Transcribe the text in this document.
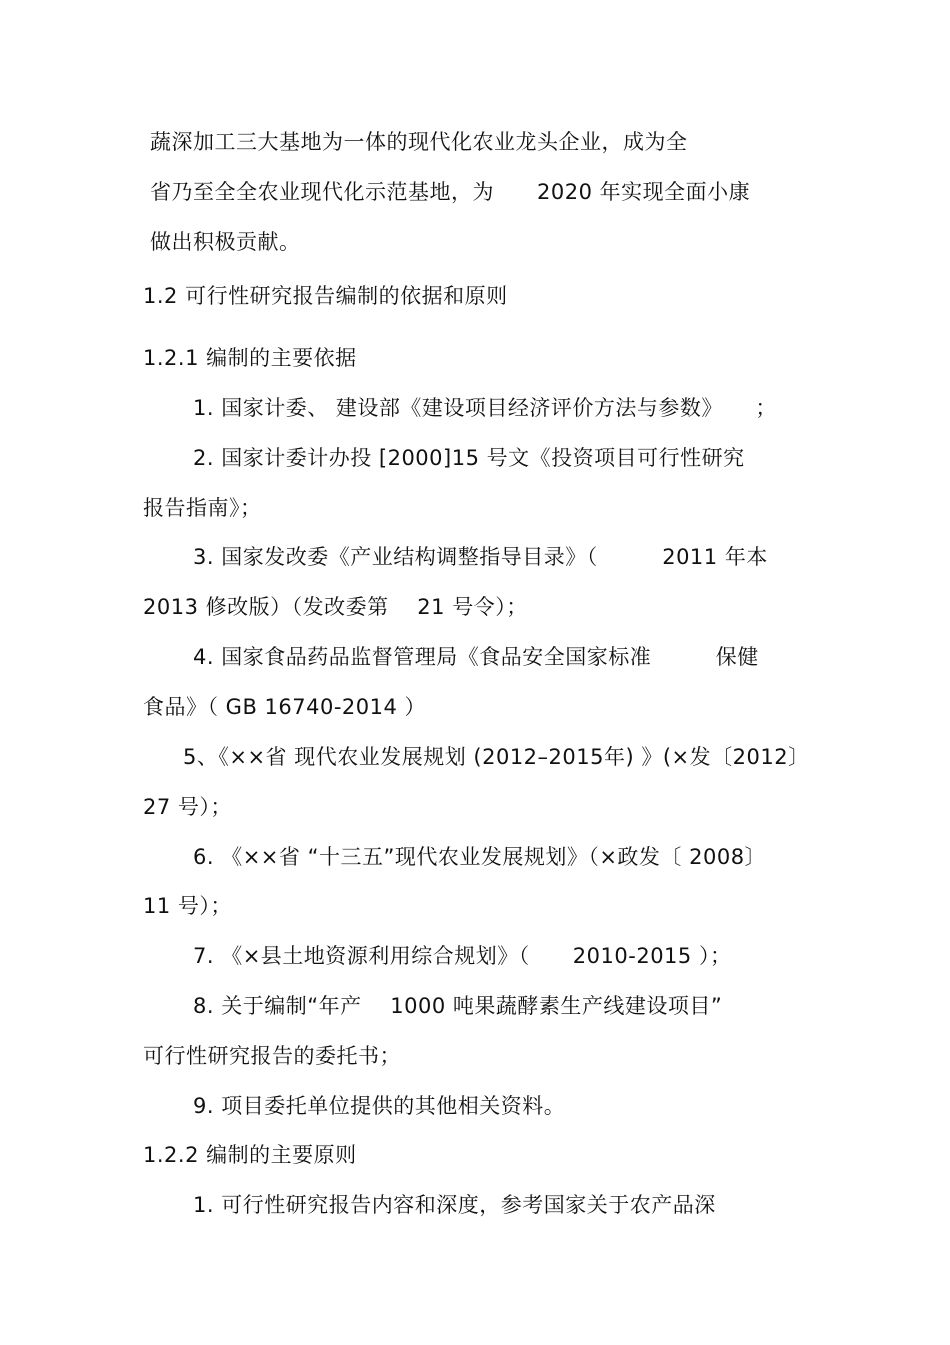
蔬深加工三大基地为一体的现代化农业龙头企业，成为全
省乃至全全农业现代化示范基地，为　　2020 年实现全面小康
做出积极贡献。
1.2 可行性研究报告编制的依据和原则
1.2.1 编制的主要依据
1. 国家计委、 建设部《建设项目经济评价方法与参数》　　；
2. 国家计委计办投 [2000]15 号文《投资项目可行性研究
报告指南》；
3. 国家发改委《产业结构调整指导目录》（　　　2011 年本
2013 修改版）（发改委第　 21 号令）；
4. 国家食品药品监督管理局《食品安全国家标准　　　保健
食品》（ GB 16740-2014 ）
5、《××省 现代农业发展规划 (2012–2015年) 》(×发〔2012〕
27 号）；
6. 《××省 “十三五”现代农业发展规划》（×政发〔 2008〕
11 号）；
7. 《×县土地资源利用综合规划》（　　2010-2015 ）；
8. 关于编制“年产　 1000 吨果蔬酵素生产线建设项目”
可行性研究报告的委托书；
9. 项目委托单位提供的其他相关资料。
1.2.2 编制的主要原则
1. 可行性研究报告内容和深度，参考国家关于农产品深
